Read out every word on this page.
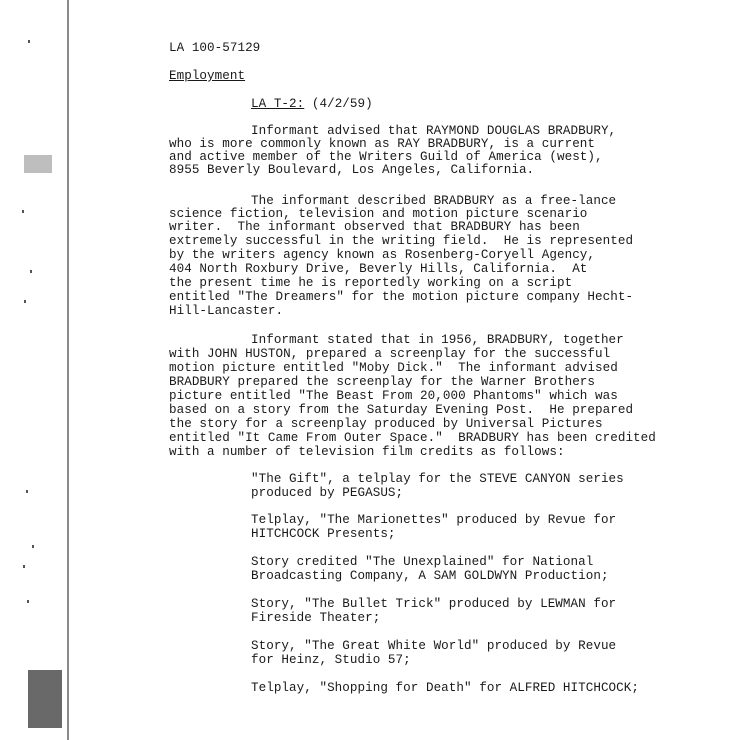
LA 100-57129
Employment
LA T-2: (4/2/59)
Informant advised that RAYMOND DOUGLAS BRADBURY,
who is more commonly known as RAY BRADBURY, is a current
and active member of the Writers Guild of America (west),
8955 Beverly Boulevard, Los Angeles, California.
The informant described BRADBURY as a free-lance
science fiction, television and motion picture scenario
writer.  The informant observed that BRADBURY has been
extremely successful in the writing field.  He is represented
by the writers agency known as Rosenberg-Coryell Agency,
404 North Roxbury Drive, Beverly Hills, California.  At
the present time he is reportedly working on a script
entitled "The Dreamers" for the motion picture company Hecht-
Hill-Lancaster.
Informant stated that in 1956, BRADBURY, together
with JOHN HUSTON, prepared a screenplay for the successful
motion picture entitled "Moby Dick."  The informant advised
BRADBURY prepared the screenplay for the Warner Brothers
picture entitled "The Beast From 20,000 Phantoms" which was
based on a story from the Saturday Evening Post.  He prepared
the story for a screenplay produced by Universal Pictures
entitled "It Came From Outer Space."  BRADBURY has been credited
with a number of television film credits as follows:
"The Gift", a telplay for the STEVE CANYON series
produced by PEGASUS;
Telplay, "The Marionettes" produced by Revue for
HITCHCOCK Presents;
Story credited "The Unexplained" for National
Broadcasting Company, A SAM GOLDWYN Production;
Story, "The Bullet Trick" produced by LEWMAN for
Fireside Theater;
Story, "The Great White World" produced by Revue
for Heinz, Studio 57;
Telplay, "Shopping for Death" for ALFRED HITCHCOCK;
